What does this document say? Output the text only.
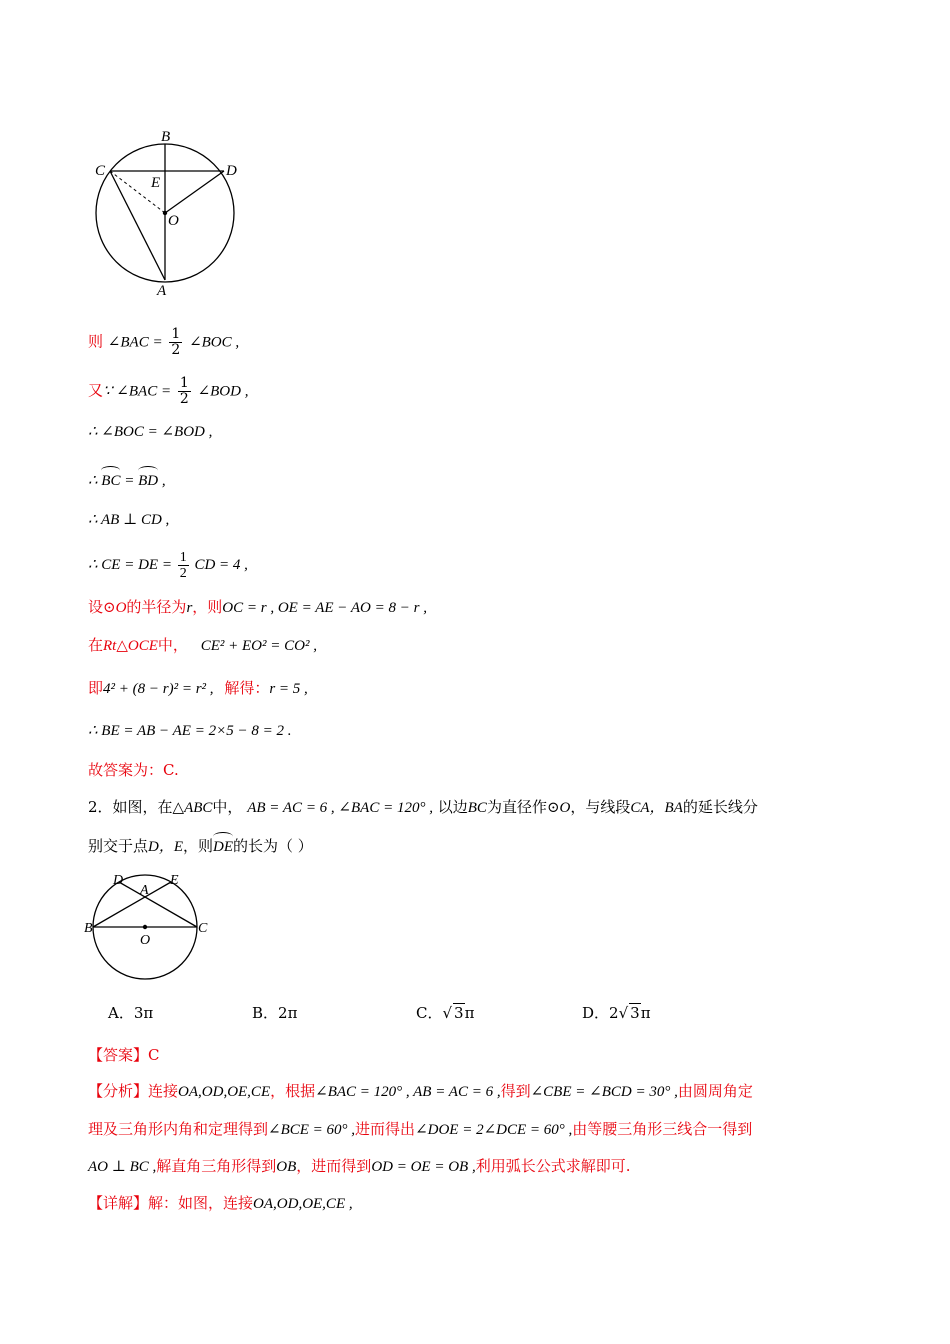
B
C	D
E
O
A
则 ∠BAC = $\frac{1}{2}$ ∠BOC ,
又∵ ∠BAC = $\frac{1}{2}$ ∠BOD ,
∴ ∠BOC = ∠BOD ,
∴ BC = BD ,
∴ AB ⊥ CD ,
∴ CE = DE = $\frac{1}{2}$ CD = 4 ,
设⊙O的半径为r，则OC = r , OE = AE − AO = 8 − r ,
在Rt△OCE中， CE² + EO² = CO² ,
即4² + (8 − r)² = r² , 解得：r = 5 ,
∴ BE = AB − AE = 2×5 − 8 = 2 .
故答案为：C.
2．如图，在△ABC中， AB = AC = 6 , ∠BAC = 120° , 以边BC为直径作⊙O，与线段CA，BA的延长线分
别交于点D，E，则DE的长为（ ）
D
A
E
B	C
O
A．3π	B．2π	C．√ 3π	D．2√ 3π
【答案】C
【分析】连接OA,OD,OE,CE，根据∠BAC = 120° , AB = AC = 6 ,得到∠CBE = ∠BCD = 30° ,由圆周角定
理及三角形内角和定理得到∠BCE = 60° ,进而得出∠DOE = 2∠DCE = 60° ,由等腰三角形三线合一得到
AO ⊥ BC ,解直角三角形得到OB，进而得到OD = OE = OB ,利用弧长公式求解即可.
【详解】解：如图，连接OA,OD,OE,CE ,
